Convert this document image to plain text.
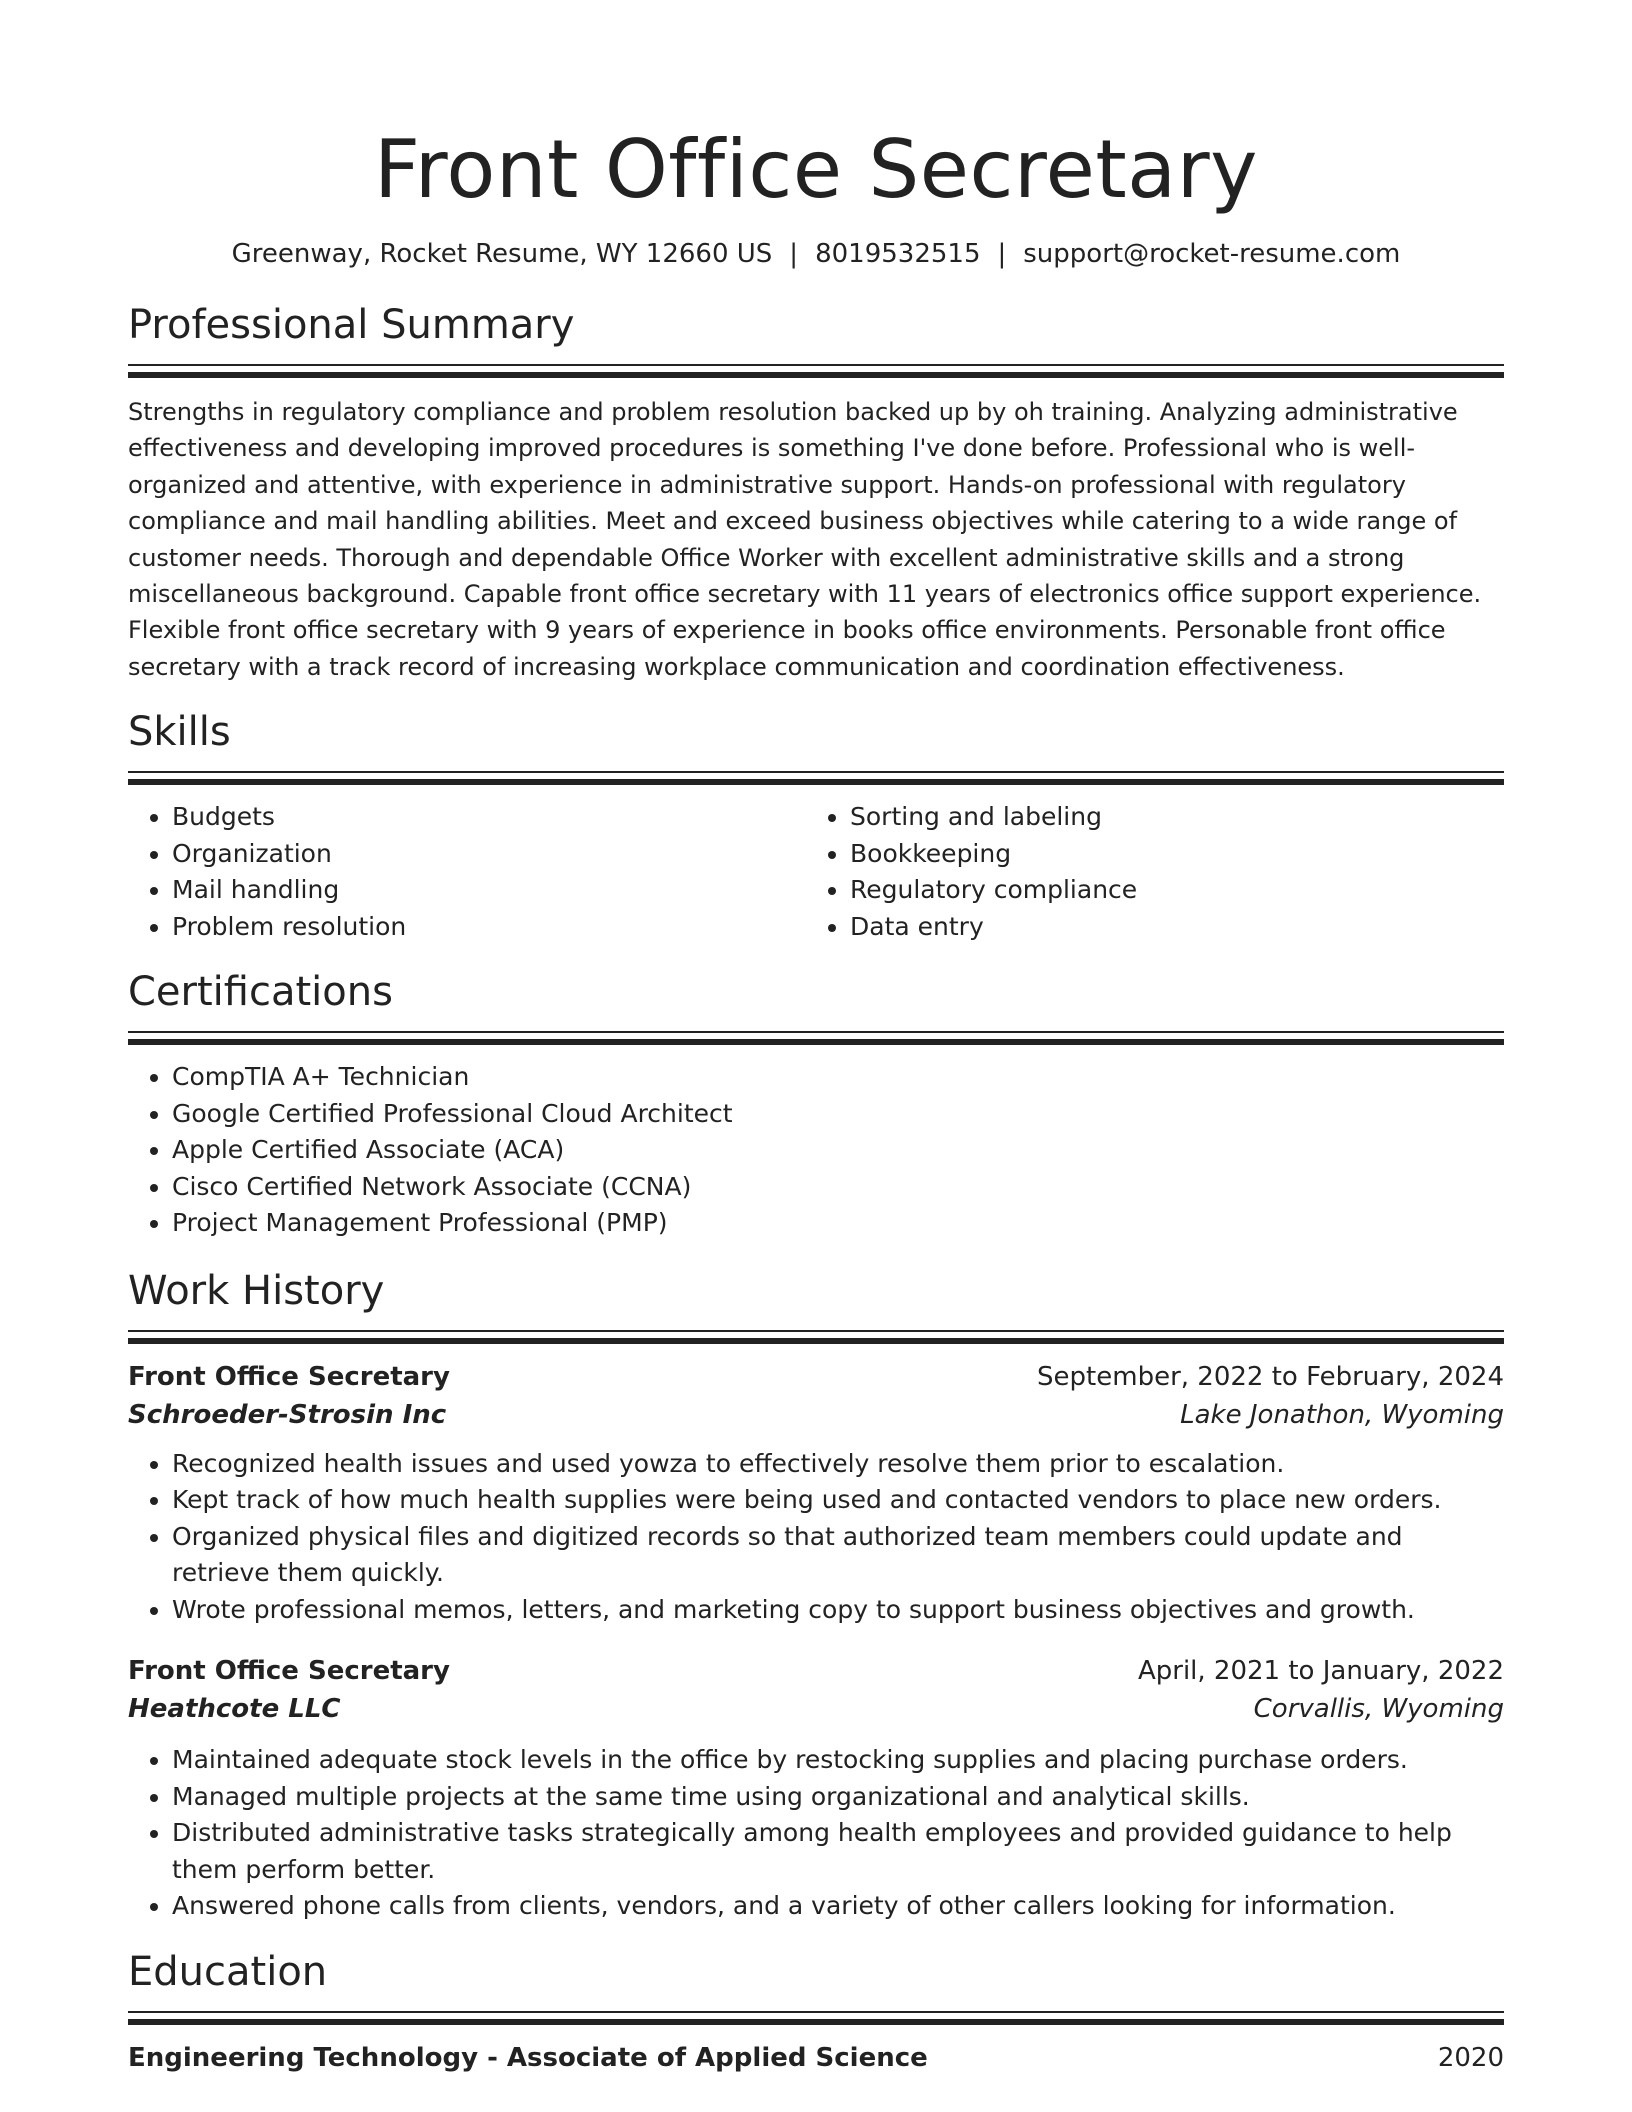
Front Office Secretary
Greenway, Rocket Resume, WY 12660 US | 8019532515 | support@rocket-resume.com
Professional Summary

Strengths in regulatory compliance and problem resolution backed up by oh training. Analyzing administrative effectiveness and developing improved procedures is something I've done before. Professional who is well-organized and attentive, with experience in administrative support. Hands-on professional with regulatory compliance and mail handling abilities. Meet and exceed business objectives while catering to a wide range of customer needs. Thorough and dependable Office Worker with excellent administrative skills and a strong miscellaneous background. Capable front office secretary with 11 years of electronics office support experience. Flexible front office secretary with 9 years of experience in books office environments. Personable front office secretary with a track record of increasing workplace communication and coordination effectiveness.

Skills
• Budgets
• Organization
• Mail handling
• Problem resolution
• Sorting and labeling
• Bookkeeping
• Regulatory compliance
• Data entry
Certifications
• CompTIA A+ Technician
• Google Certified Professional Cloud Architect
• Apple Certified Associate (ACA)
• Cisco Certified Network Associate (CCNA)
• Project Management Professional (PMP)
Work History
Front Office Secretary	September, 2022 to February, 2024
Schroeder-Strosin Inc	Lake Jonathon, Wyoming
• Recognized health issues and used yowza to effectively resolve them prior to escalation.
• Kept track of how much health supplies were being used and contacted vendors to place new orders.
• Organized physical files and digitized records so that authorized team members could update and retrieve them quickly.
• Wrote professional memos, letters, and marketing copy to support business objectives and growth.
Front Office Secretary	April, 2021 to January, 2022
Heathcote LLC	Corvallis, Wyoming
• Maintained adequate stock levels in the office by restocking supplies and placing purchase orders.
• Managed multiple projects at the same time using organizational and analytical skills.
• Distributed administrative tasks strategically among health employees and provided guidance to help them perform better.
• Answered phone calls from clients, vendors, and a variety of other callers looking for information.
Education
Engineering Technology - Associate of Applied Science	2020
